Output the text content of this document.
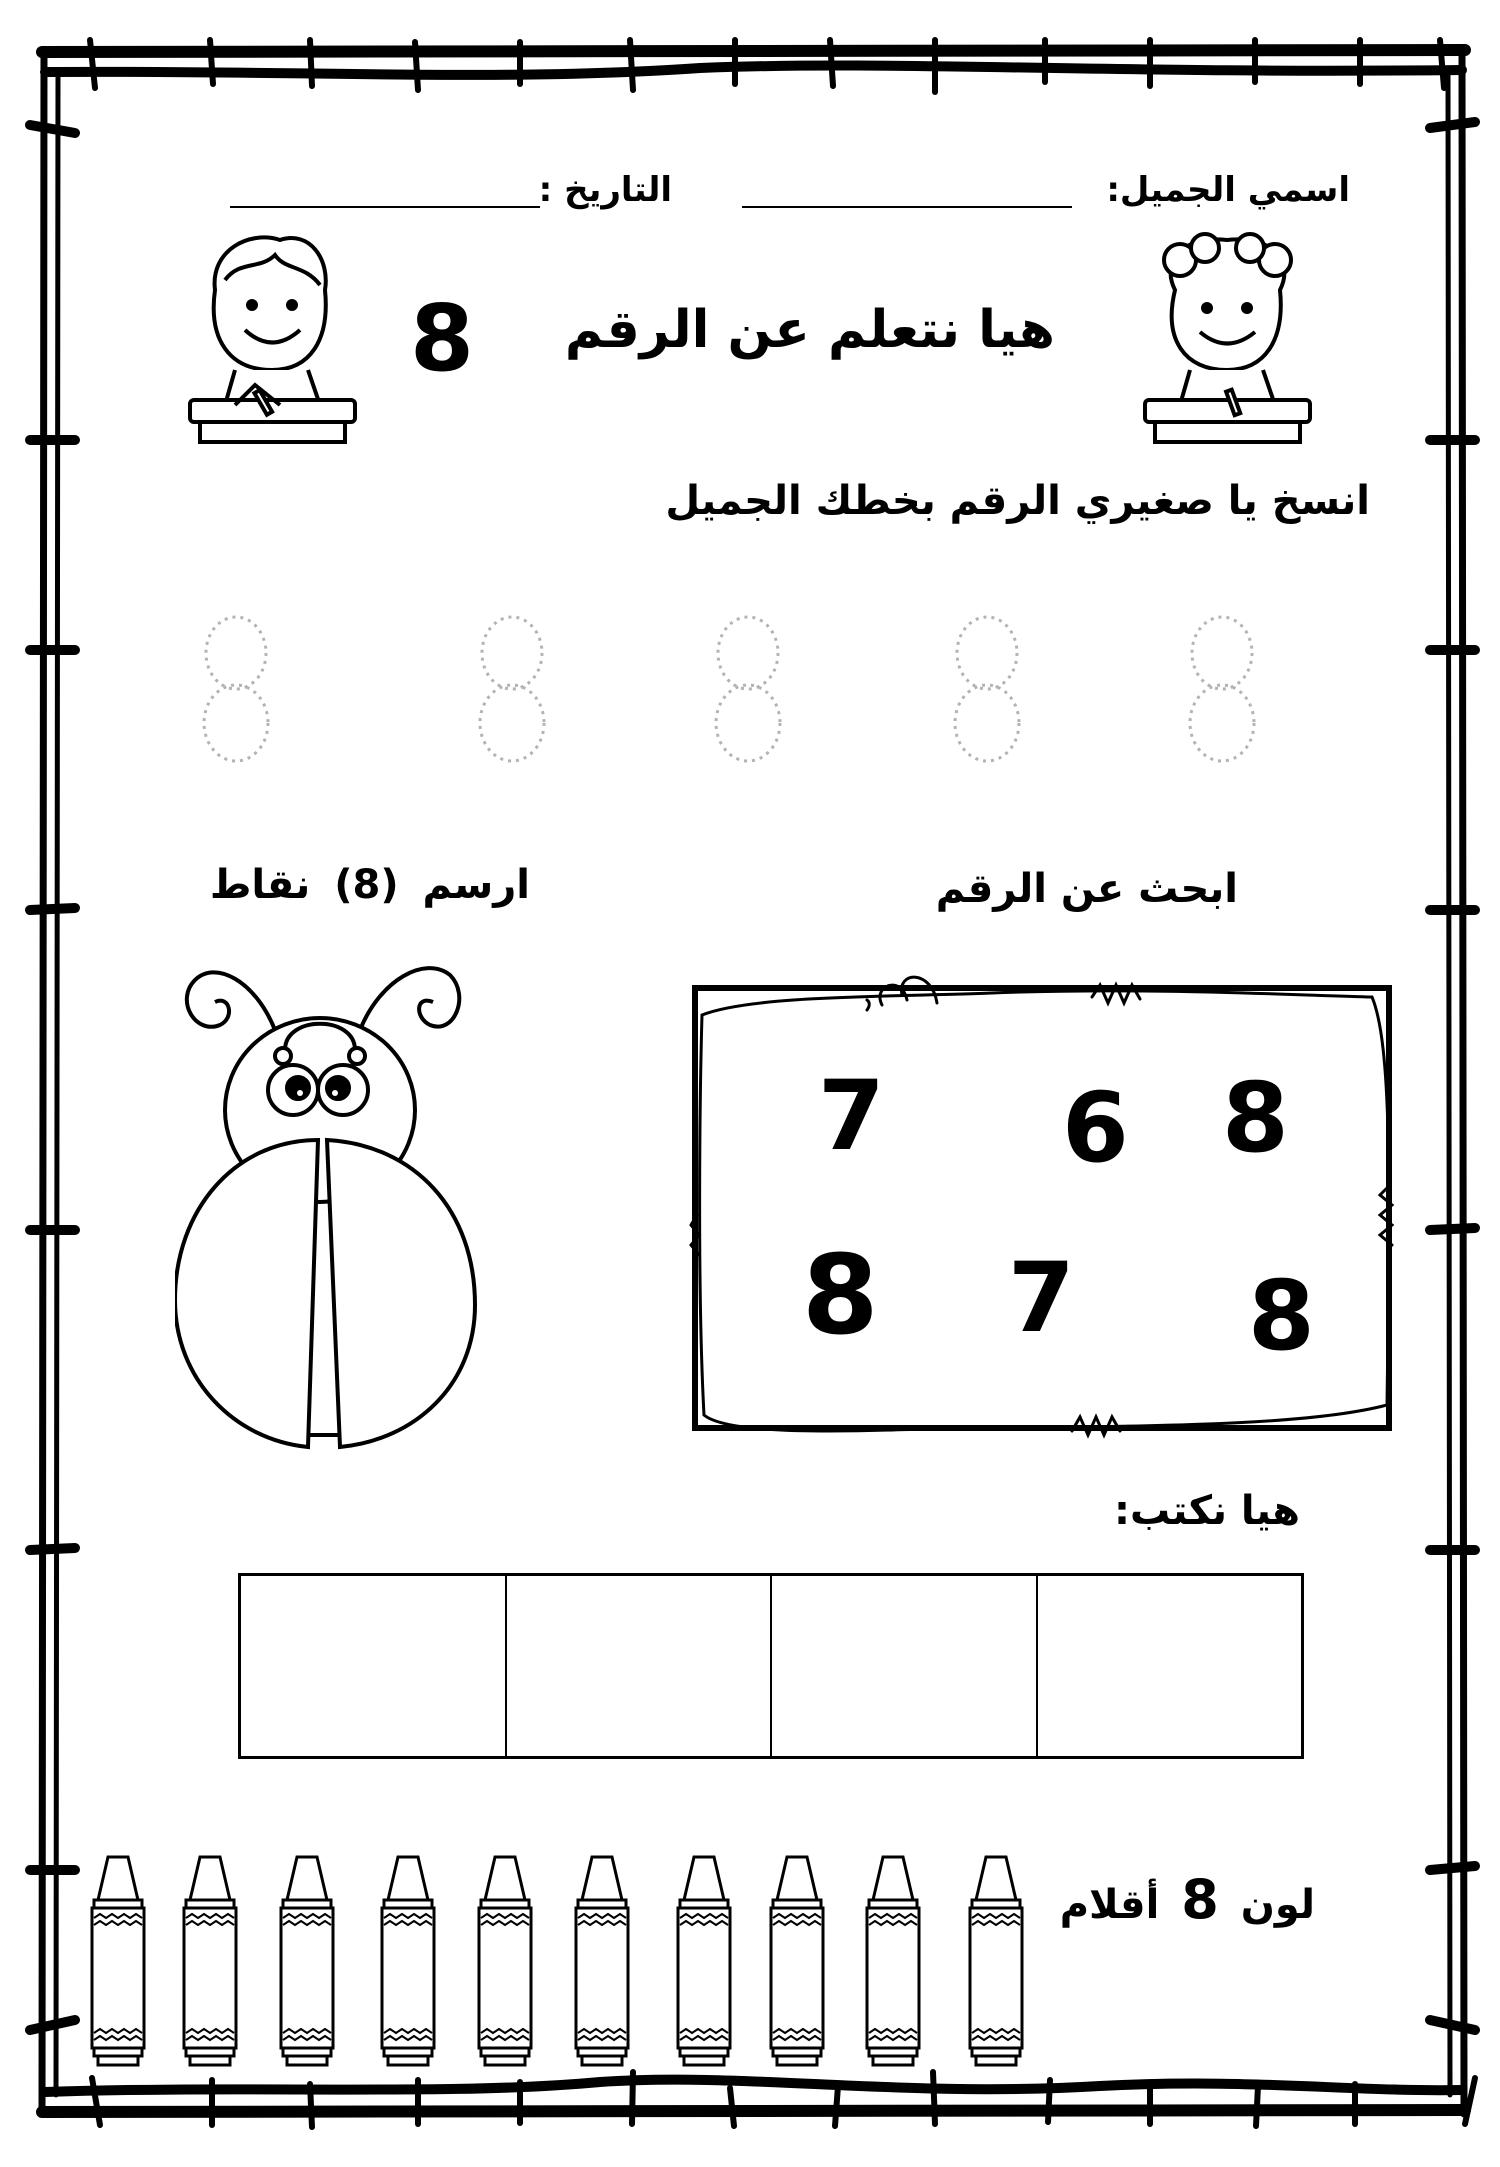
اسمي الجميل:
التاريخ :
هيا نتعلم عن الرقم
8
انسخ يا صغيري الرقم بخطك الجميل
ارسم (8) نقاط	ابحث عن الرقم
7 6 8
8 7 8
هيا نكتب:
لون 8 أقلام
